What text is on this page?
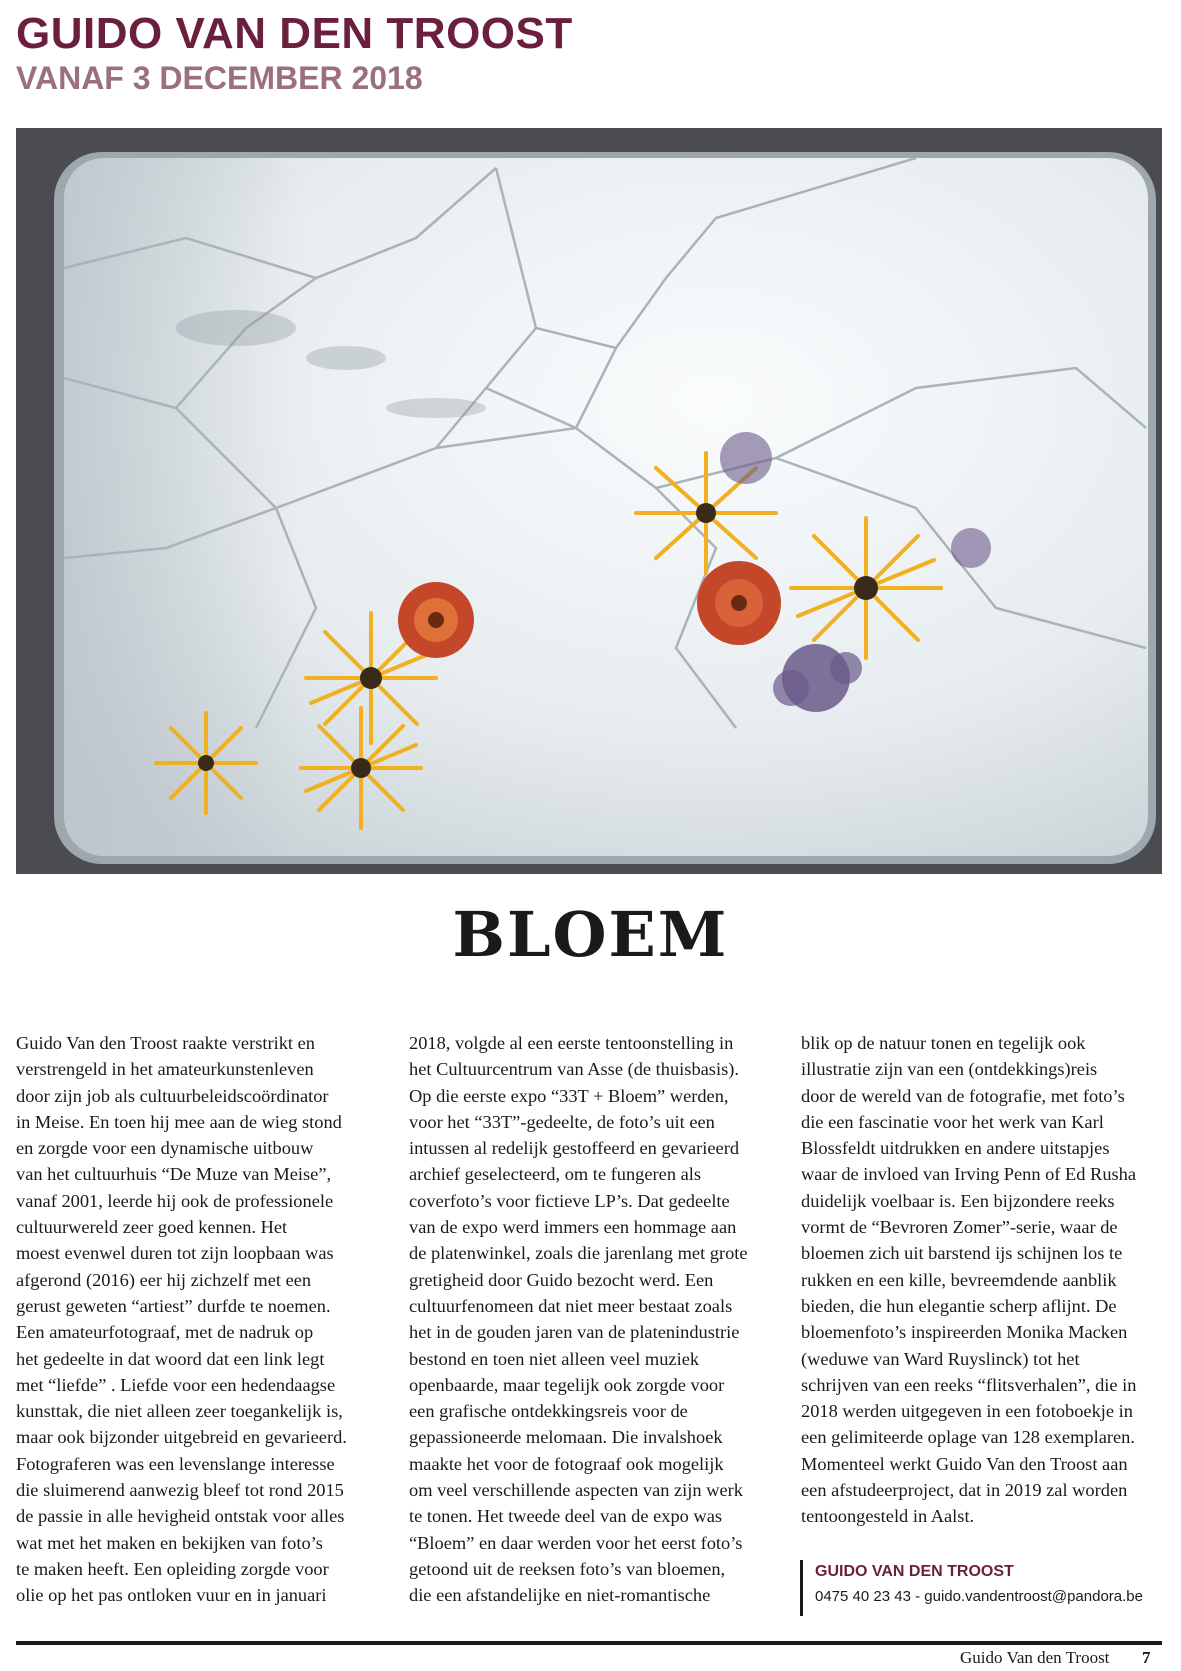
GUIDO VAN DEN TROOST
VANAF 3 DECEMBER 2018
BLOEM
Guido Van den Troost raakte verstrikt en
verstrengeld in het amateurkunstenleven
door zijn job als cultuurbeleidscoördinator
in Meise. En toen hij mee aan de wieg stond
en zorgde voor een dynamische uitbouw
van het cultuurhuis “De Muze van Meise”,
vanaf 2001, leerde hij ook de professionele
cultuurwereld zeer goed kennen. Het
moest evenwel duren tot zijn loopbaan was
afgerond (2016) eer hij zichzelf met een
gerust geweten “artiest” durfde te noemen.
Een amateurfotograaf, met de nadruk op
het gedeelte in dat woord dat een link legt
met “liefde” . Liefde voor een hedendaagse
kunsttak, die niet alleen zeer toegankelijk is,
maar ook bijzonder uitgebreid en gevarieerd.
Fotograferen was een levenslange interesse
die sluimerend aanwezig bleef tot rond 2015
de passie in alle hevigheid ontstak voor alles
wat met het maken en bekijken van foto’s
te maken heeft. Een opleiding zorgde voor
olie op het pas ontloken vuur en in januari
2018, volgde al een eerste tentoonstelling in
het Cultuurcentrum van Asse (de thuisbasis).
Op die eerste expo “33T + Bloem” werden,
voor het “33T”-gedeelte, de foto’s uit een
intussen al redelijk gestoffeerd en gevarieerd
archief geselecteerd, om te fungeren als
coverfoto’s voor fictieve LP’s. Dat gedeelte
van de expo werd immers een hommage aan
de platenwinkel, zoals die jarenlang met grote
gretigheid door Guido bezocht werd. Een
cultuurfenomeen dat niet meer bestaat zoals
het in de gouden jaren van de platenindustrie
bestond en toen niet alleen veel muziek
openbaarde, maar tegelijk ook zorgde voor
een grafische ontdekkingsreis voor de
gepassioneerde melomaan. Die invalshoek
maakte het voor de fotograaf ook mogelijk
om veel verschillende aspecten van zijn werk
te tonen. Het tweede deel van de expo was
“Bloem” en daar werden voor het eerst foto’s
getoond uit de reeksen foto’s van bloemen,
die een afstandelijke en niet-romantische
blik op de natuur tonen en tegelijk ook
illustratie zijn van een (ontdekkings)reis
door de wereld van de fotografie, met foto’s
die een fascinatie voor het werk van Karl
Blossfeldt uitdrukken en andere uitstapjes
waar de invloed van Irving Penn of Ed Rusha
duidelijk voelbaar is. Een bijzondere reeks
vormt de “Bevroren Zomer”-serie, waar de
bloemen zich uit barstend ijs schijnen los te
rukken en een kille, bevreemdende aanblik
bieden, die hun elegantie scherp aflijnt. De
bloemenfoto’s inspireerden Monika Macken
(weduwe van Ward Ruyslinck) tot het
schrijven van een reeks “flitsverhalen”, die in
2018 werden uitgegeven in een fotoboekje in
een gelimiteerde oplage van 128 exemplaren.
Momenteel werkt Guido Van den Troost aan
een afstudeerproject, dat in 2019 zal worden
tentoongesteld in Aalst.
GUIDO VAN DEN TROOST
0475 40 23 43 - guido.vandentroost@pandora.be
Guido Van den Troost 7
